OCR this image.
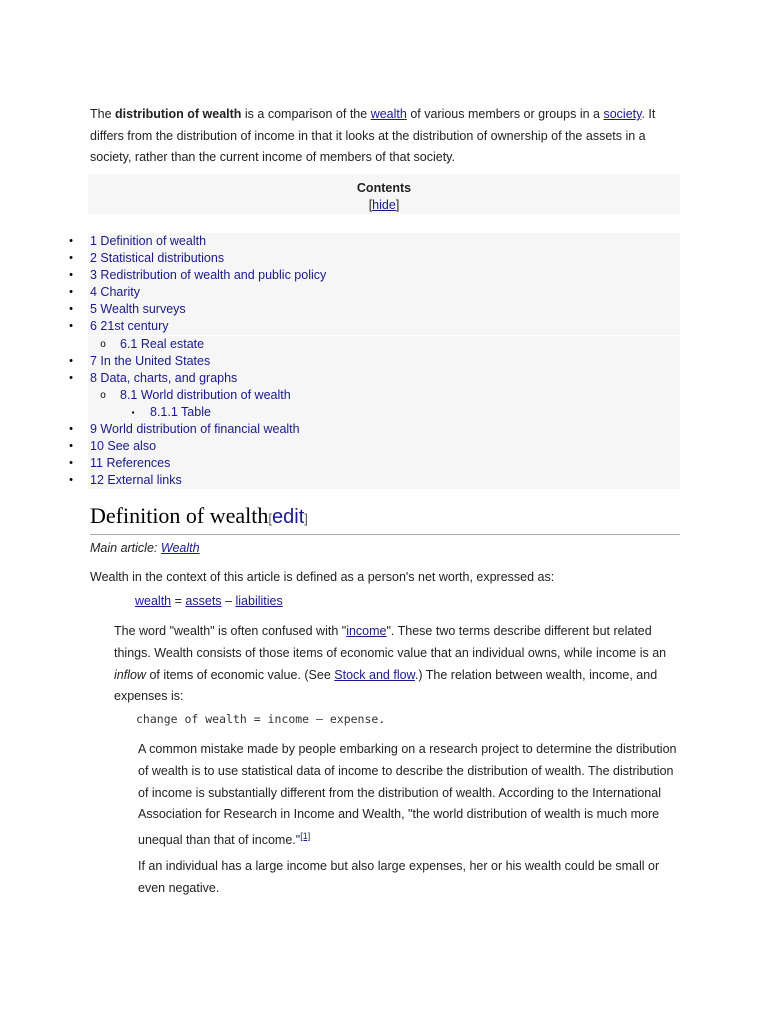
The distribution of wealth is a comparison of the wealth of various members or groups in a society. It differs from the distribution of income in that it looks at the distribution of ownership of the assets in a society, rather than the current income of members of that society.

Contents
[hide]
• 1 Definition of wealth
• 2 Statistical distributions
• 3 Redistribution of wealth and public policy
• 4 Charity
• 5 Wealth surveys
• 6 21st century
o 6.1 Real estate
• 7 In the United States
• 8 Data, charts, and graphs
o 8.1 World distribution of wealth
▪ 8.1.1 Table
• 9 World distribution of financial wealth
• 10 See also
• 11 References
• 12 External links
Definition of wealth[edit]
Main article: Wealth
Wealth in the context of this article is defined as a person's net worth, expressed as:
wealth = assets – liabilities

The word "wealth" is often confused with "income". These two terms describe different but related things. Wealth consists of those items of economic value that an individual owns, while income is an inflow of items of economic value. (See Stock and flow.) The relation between wealth, income, and expenses is:

change of wealth = income – expense.

A common mistake made by people embarking on a research project to determine the distribution of wealth is to use statistical data of income to describe the distribution of wealth. The distribution of income is substantially different from the distribution of wealth. According to the International Association for Research in Income and Wealth, "the world distribution of wealth is much more unequal than that of income."[1]

If an individual has a large income but also large expenses, her or his wealth could be small or even negative.
